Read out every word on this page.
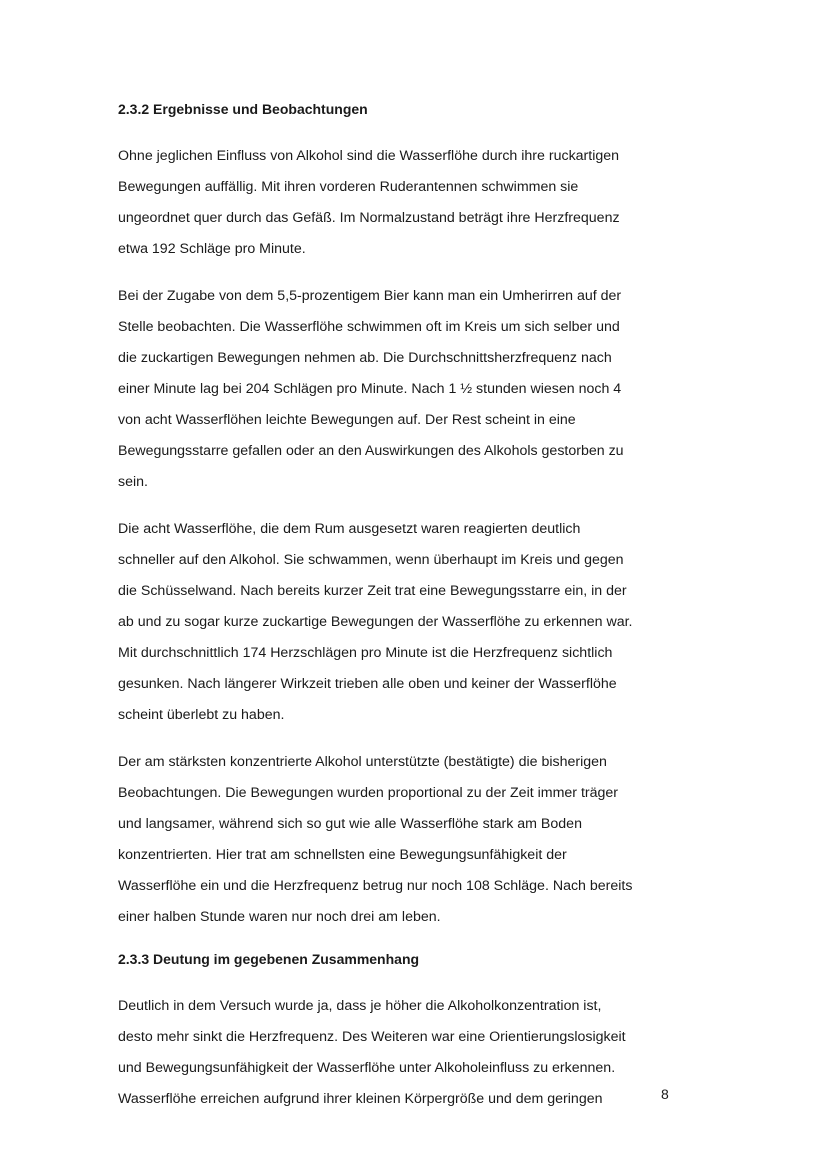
2.3.2 Ergebnisse und Beobachtungen
Ohne jeglichen Einfluss von Alkohol sind die Wasserflöhe durch ihre ruckartigen
Bewegungen auffällig. Mit ihren vorderen Ruderantennen schwimmen sie
ungeordnet quer durch das Gefäß. Im Normalzustand beträgt ihre Herzfrequenz
etwa 192 Schläge pro Minute.
Bei der Zugabe von dem 5,5-prozentigem Bier kann man ein Umherirren auf der
Stelle beobachten. Die Wasserflöhe schwimmen oft im Kreis um sich selber und
die zuckartigen Bewegungen nehmen ab. Die Durchschnittsherzfrequenz nach
einer Minute lag bei 204 Schlägen pro Minute. Nach 1 ½ stunden wiesen noch 4
von acht Wasserflöhen leichte Bewegungen auf. Der Rest scheint in eine
Bewegungsstarre gefallen oder an den Auswirkungen des Alkohols gestorben zu
sein.
Die acht Wasserflöhe, die dem Rum ausgesetzt waren reagierten deutlich
schneller auf den Alkohol. Sie schwammen, wenn überhaupt im Kreis und gegen
die Schüsselwand. Nach bereits kurzer Zeit trat eine Bewegungsstarre ein, in der
ab und zu sogar kurze zuckartige Bewegungen der Wasserflöhe zu erkennen war.
Mit durchschnittlich 174 Herzschlägen pro Minute ist die Herzfrequenz sichtlich
gesunken. Nach längerer Wirkzeit trieben alle oben und keiner der Wasserflöhe
scheint überlebt zu haben.
Der am stärksten konzentrierte Alkohol unterstützte (bestätigte) die bisherigen
Beobachtungen. Die Bewegungen wurden proportional zu der Zeit immer träger
und langsamer, während sich so gut wie alle Wasserflöhe stark am Boden
konzentrierten. Hier trat am schnellsten eine Bewegungsunfähigkeit der
Wasserflöhe ein und die Herzfrequenz betrug nur noch 108 Schläge. Nach bereits
einer halben Stunde waren nur noch drei am leben.
2.3.3 Deutung im gegebenen Zusammenhang
Deutlich in dem Versuch wurde ja, dass je höher die Alkoholkonzentration ist,
desto mehr sinkt die Herzfrequenz. Des Weiteren war eine Orientierungslosigkeit
und Bewegungsunfähigkeit der Wasserflöhe unter Alkoholeinfluss zu erkennen.
Wasserflöhe erreichen aufgrund ihrer kleinen Körpergröße und dem geringen	8
